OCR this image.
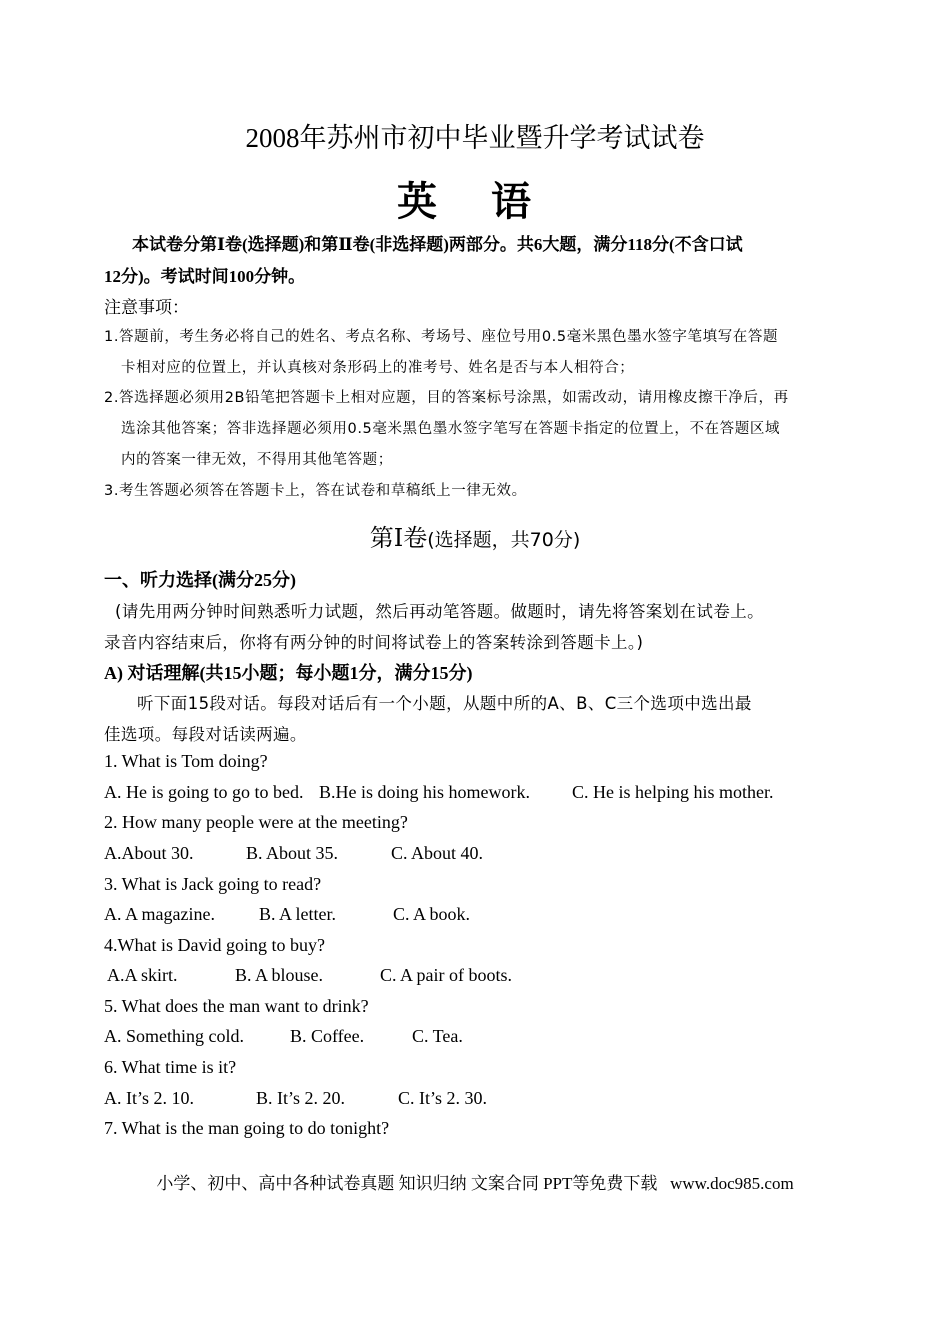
2008年苏州市初中毕业暨升学考试试卷
英 语
本试卷分第Ⅰ卷(选择题)和第Ⅱ卷(非选择题)两部分。共6大题，满分118分(不含口试
12分)。考试时间100分钟。
注意事项：
1.答题前，考生务必将自己的姓名、考点名称、考场号、座位号用0.5毫米黑色墨水签字笔填写在答题
卡相对应的位置上，并认真核对条形码上的准考号、姓名是否与本人相符合；
2.答选择题必须用2B铅笔把答题卡上相对应题，目的答案标号涂黑，如需改动，请用橡皮擦干净后，再
选涂其他答案；答非选择题必须用0.5毫米黑色墨水签字笔写在答题卡指定的位置上，不在答题区域
内的答案一律无效，不得用其他笔答题；
3.考生答题必须答在答题卡上，答在试卷和草稿纸上一律无效。
第Ⅰ卷(选择题，共70分)
一、听力选择(满分25分)
(请先用两分钟时间熟悉听力试题，然后再动笔答题。做题时，请先将答案划在试卷上。
录音内容结束后，你将有两分钟的时间将试卷上的答案转涂到答题卡上。)
A) 对话理解(共15小题；每小题1分，满分15分)
听下面15段对话。每段对话后有一个小题，从题中所的A、B、C三个选项中选出最
佳选项。每段对话读两遍。
1. What is Tom doing?
A. He is going to go to bed. B.He is doing his homework. C. He is helping his mother.
2. How many people were at the meeting?
A.About 30.	B. About 35.	C. About 40.
3. What is Jack going to read?
A. A magazine. B. A letter.	C. A book.
4.What is David going to buy?
A.A skirt.	B. A blouse.	C. A pair of boots.
5. What does the man want to drink?
A. Something cold.	B. Coffee.	C. Tea.
6. What time is it?
A. It’s 2. 10.	B. It’s 2. 20.	C. It’s 2. 30.
7. What is the man going to do tonight?
小学、初中、高中各种试卷真题 知识归纳 文案合同 PPT等免费下载 www.doc985.com
